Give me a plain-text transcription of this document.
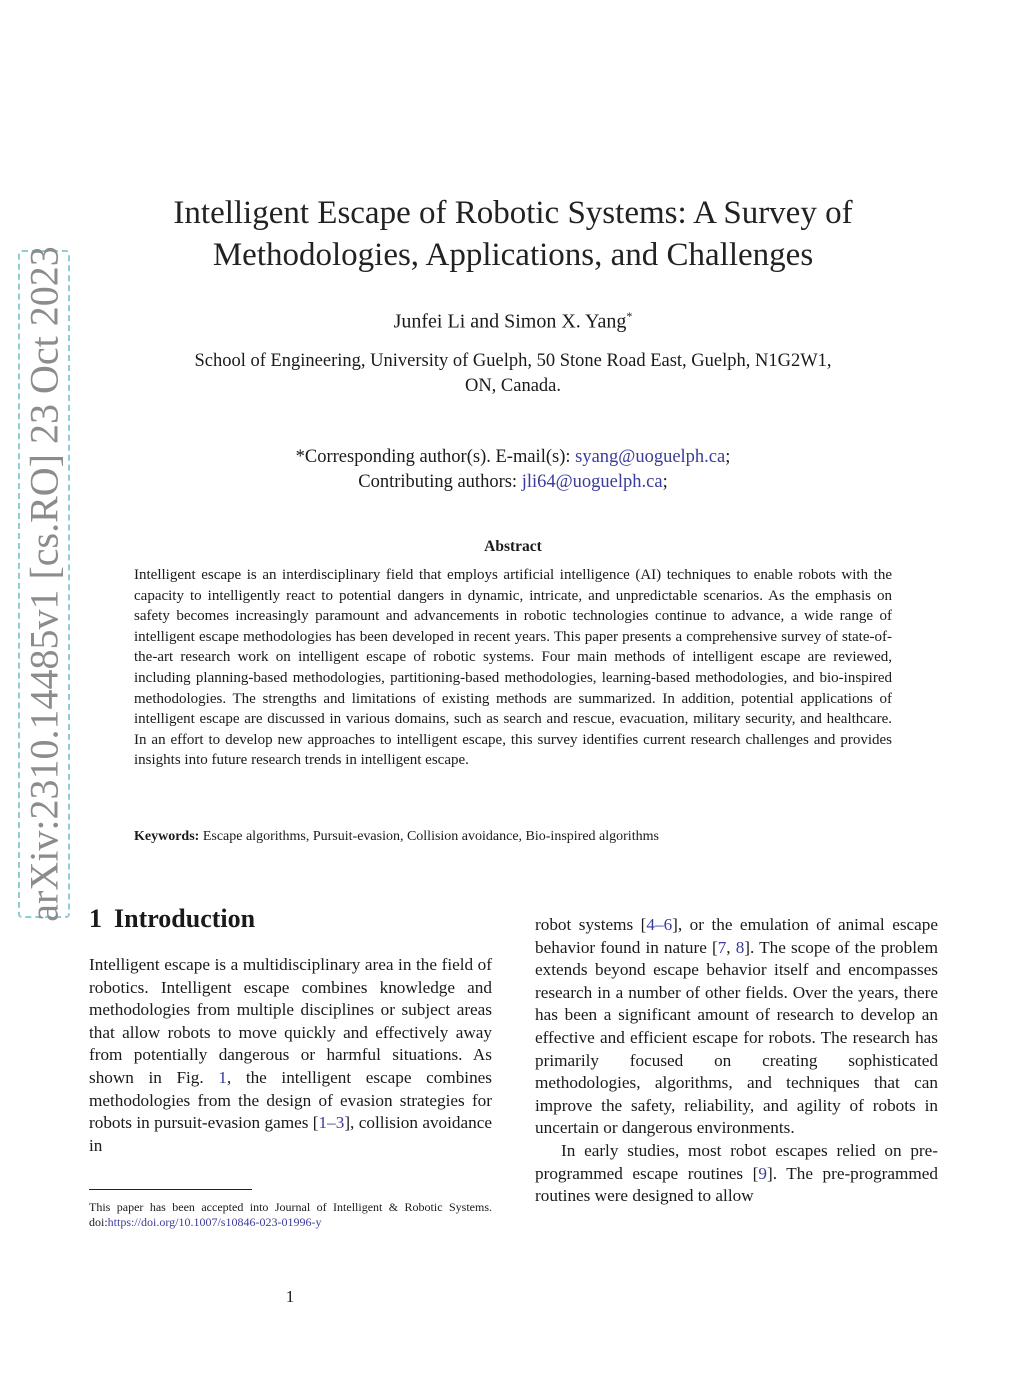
arXiv:2310.14485v1 [cs.RO] 23 Oct 2023
Intelligent Escape of Robotic Systems: A Survey of
Methodologies, Applications, and Challenges
Junfei Li and Simon X. Yang*
School of Engineering, University of Guelph, 50 Stone Road East, Guelph, N1G2W1,
ON, Canada.
*Corresponding author(s). E-mail(s): syang@uoguelph.ca;
Contributing authors: jli64@uoguelph.ca;
Abstract
Intelligent escape is an interdisciplinary field that employs artificial intelligence (AI) techniques to enable robots with the capacity to intelligently react to potential dangers in dynamic, intricate, and unpredictable scenarios. As the emphasis on safety becomes increasingly paramount and advancements in robotic technologies continue to advance, a wide range of intelligent escape methodologies has been developed in recent years. This paper presents a comprehensive survey of state-of-the-art research work on intelligent escape of robotic systems. Four main methods of intelligent escape are reviewed, including planning-based methodologies, partitioning-based methodologies, learning-based methodologies, and bio-inspired methodologies. The strengths and limitations of existing methods are summarized. In addition, potential applications of intelligent escape are discussed in various domains, such as search and rescue, evacuation, military security, and healthcare. In an effort to develop new approaches to intelligent escape, this survey identifies current research challenges and provides insights into future research trends in intelligent escape.
Keywords: Escape algorithms, Pursuit-evasion, Collision avoidance, Bio-inspired algorithms
1 Introduction
Intelligent escape is a multidisciplinary area in the field of robotics. Intelligent escape combines knowledge and methodologies from multiple disciplines or subject areas that allow robots to move quickly and effectively away from potentially dangerous or harmful situations. As shown in Fig. 1, the intelligent escape combines methodologies from the design of evasion strategies for robots in pursuit-evasion games [1–3], collision avoidance in

robot systems [4–6], or the emulation of animal escape behavior found in nature [7, 8]. The scope of the problem extends beyond escape behavior itself and encompasses research in a number of other fields. Over the years, there has been a significant amount of research to develop an effective and efficient escape for robots. The research has primarily focused on creating sophisticated methodologies, algorithms, and techniques that can improve the safety, reliability, and agility of robots in uncertain or dangerous environments.

In early studies, most robot escapes relied on pre-programmed escape routines [9]. The pre-programmed routines were designed to allow

This paper has been accepted into Journal of Intelligent & Robotic Systems. doi:https://doi.org/10.1007/s10846-023-01996-y
1
